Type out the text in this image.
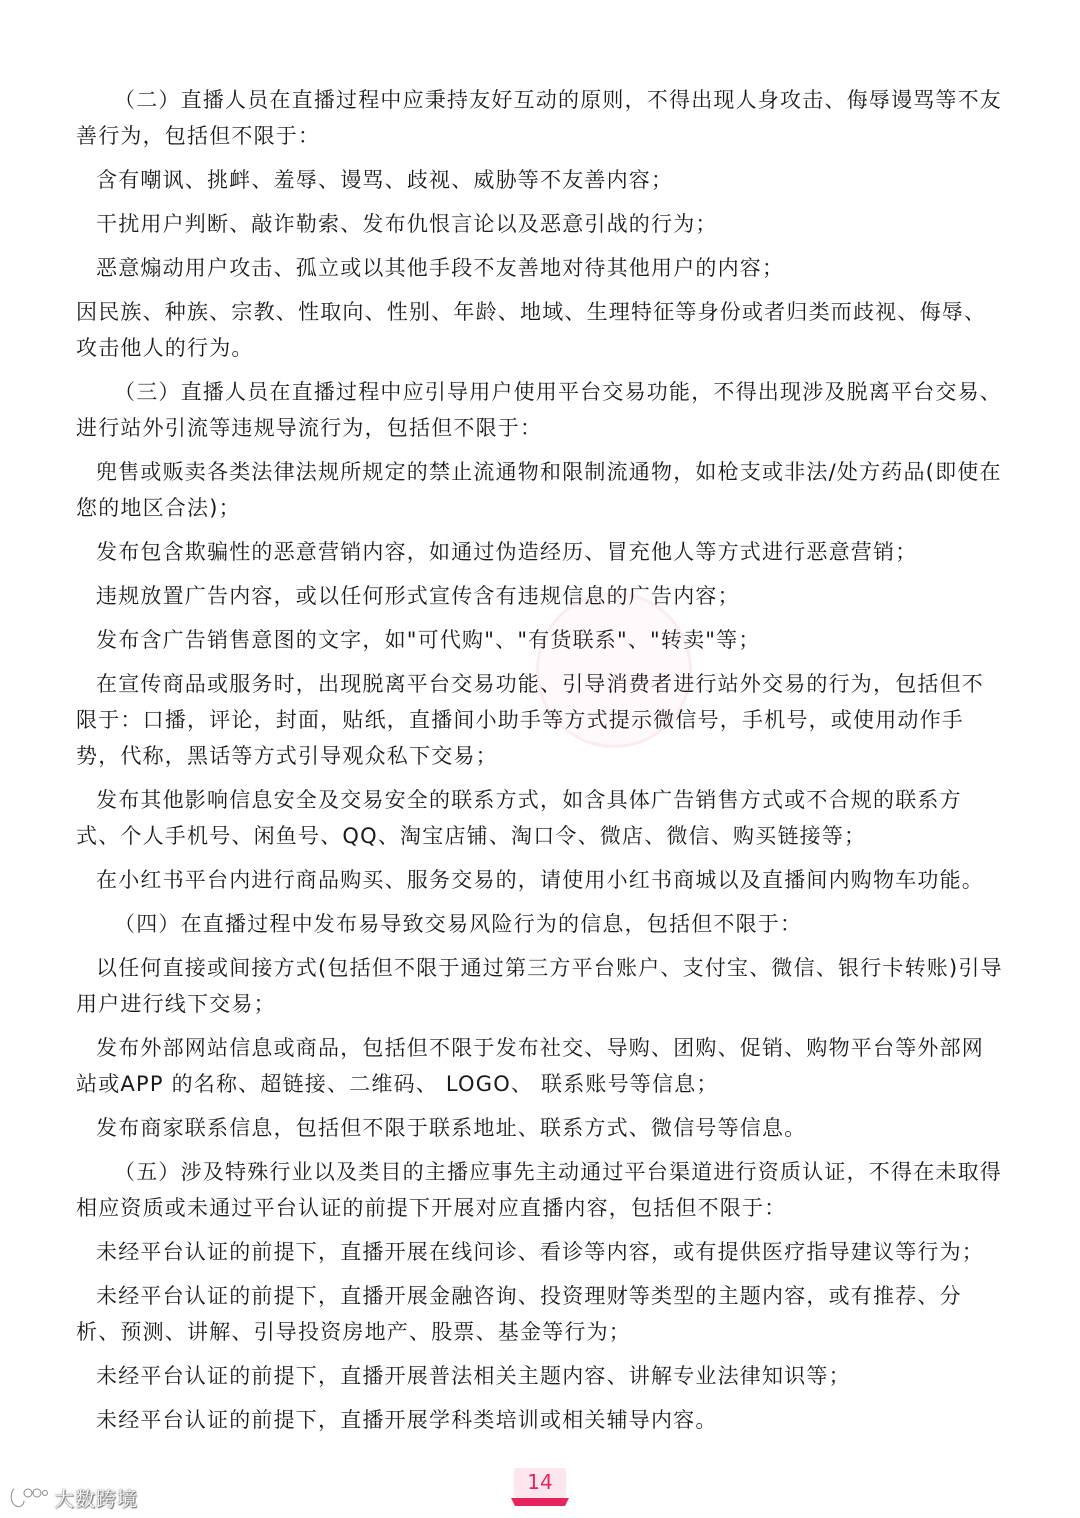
（二）直播人员在直播过程中应秉持友好互动的原则，不得出现人身攻击、侮辱谩骂等不友善行为，包括但不限于：

含有嘲讽、挑衅、羞辱、谩骂、歧视、威胁等不友善内容；

干扰用户判断、敲诈勒索、发布仇恨言论以及恶意引战的行为；

恶意煽动用户攻击、孤立或以其他手段不友善地对待其他用户的内容；

因民族、种族、宗教、性取向、性别、年龄、地域、生理特征等身份或者归类而歧视、侮辱、攻击他人的行为。

（三）直播人员在直播过程中应引导用户使用平台交易功能，不得出现涉及脱离平台交易、进行站外引流等违规导流行为，包括但不限于：

兜售或贩卖各类法律法规所规定的禁止流通物和限制流通物，如枪支或非法/处方药品(即使在您的地区合法)；

发布包含欺骗性的恶意营销内容，如通过伪造经历、冒充他人等方式进行恶意营销；

违规放置广告内容，或以任何形式宣传含有违规信息的广告内容；

发布含广告销售意图的文字，如"可代购"、"有货联系"、"转卖"等；

在宣传商品或服务时，出现脱离平台交易功能、引导消费者进行站外交易的行为，包括但不限于：口播，评论，封面，贴纸，直播间小助手等方式提示微信号，手机号，或使用动作手势，代称，黑话等方式引导观众私下交易；

发布其他影响信息安全及交易安全的联系方式，如含具体广告销售方式或不合规的联系方式、个人手机号、闲鱼号、QQ、淘宝店铺、淘口令、微店、微信、购买链接等；

在小红书平台内进行商品购买、服务交易的，请使用小红书商城以及直播间内购物车功能。

（四）在直播过程中发布易导致交易风险行为的信息，包括但不限于：

以任何直接或间接方式(包括但不限于通过第三方平台账户、支付宝、微信、银行卡转账)引导用户进行线下交易；

发布外部网站信息或商品，包括但不限于发布社交、导购、团购、促销、购物平台等外部网站或APP 的名称、超链接、二维码、 LOGO、 联系账号等信息；

发布商家联系信息，包括但不限于联系地址、联系方式、微信号等信息。

（五）涉及特殊行业以及类目的主播应事先主动通过平台渠道进行资质认证，不得在未取得相应资质或未通过平台认证的前提下开展对应直播内容，包括但不限于：

未经平台认证的前提下，直播开展在线问诊、看诊等内容，或有提供医疗指导建议等行为；

未经平台认证的前提下，直播开展金融咨询、投资理财等类型的主题内容，或有推荐、分析、预测、讲解、引导投资房地产、股票、基金等行为；

未经平台认证的前提下，直播开展普法相关主题内容、讲解专业法律知识等；

未经平台认证的前提下，直播开展学科类培训或相关辅导内容。

14
大数跨境
